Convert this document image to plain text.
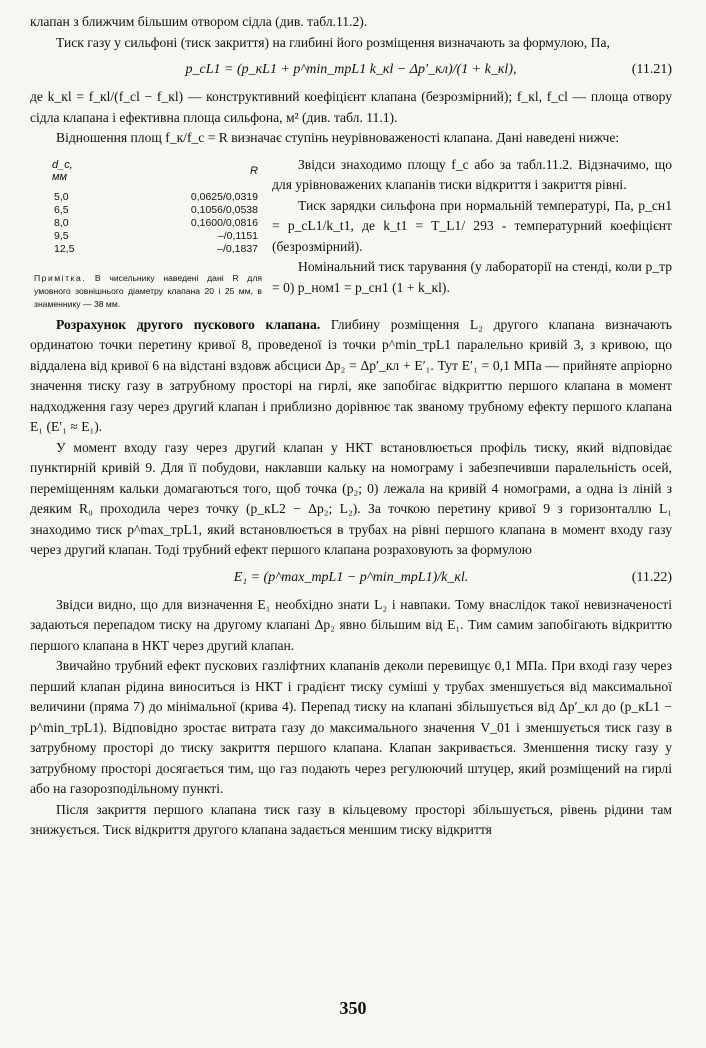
клапан з ближчим більшим отвором сідла (див. табл.11.2).

Тиск газу у сильфоні (тиск закриття) на глибині його розміщення визначають за формулою, Па,

p_cL1 = (p_кL1 + p^min_трL1 k_кl − Δp′_кл)/(1 + k_кl),	(11.21)

де k_кl = f_кl/(f_cl − f_кl) — конструктивний коефіцієнт клапана (безрозмірний); f_кl, f_cl — площа отвору сідла клапана і ефективна площа сильфона, м² (див. табл. 11.1).

Відношення площ f_к/f_c = R визначає ступінь неурівноваженості клапана. Дані наведені нижче:

d_c, мм	R
5,0	0,0625/0,0319
6,5	0,1056/0,0538
8,0	0,1600/0,0816
9,5	–/0,1151
12,5	–/0,1837
Примітка. В чисельнику наведені дані R для умовного зовнішнього діаметру клапана 20 і 25 мм, в знаменнику — 38 мм.

Звідси знаходимо площу f_c або за табл.11.2. Відзначимо, що для урівноважених клапанів тиски відкриття і закриття рівні.

Тиск зарядки сильфона при нормальній температурі, Па, p_сн1 = p_cL1/k_t1, де k_t1 = T_L1/ 293 - температурний коефіцієнт (безрозмірний).

Номінальний тиск тарування (у лабораторії на стенді, коли p_тр = 0) p_ном1 = p_сн1 (1 + k_кl).

Розрахунок другого пускового клапана. Глибину розміщення L₂ другого клапана визначають ординатою точки перетину кривої 8, проведеної із точки p^min_трL1 паралельно кривій 3, з кривою, що віддалена від кривої 6 на відстані вздовж абсциси Δp₂ = Δp′_кл + E′₁. Тут E′₁ = 0,1 МПа — прийняте апріорно значення тиску газу в затрубному просторі на гирлі, яке запобігає відкриттю першого клапана в момент надходження газу через другий клапан і приблизно дорівнює так званому трубному ефекту першого клапана E₁ (E′₁ ≈ E₁).

У момент входу газу через другий клапан у НКТ встановлюється профіль тиску, який відповідає пунктирній кривій 9. Для її побудови, наклавши кальку на номограму і забезпечивши паралельність осей, переміщенням кальки домагаються того, щоб точка (p₂; 0) лежала на кривій 4 номограми, а одна із ліній з деяким R₀ проходила через точку (p_кL2 − Δp₂; L₂). За точкою перетину кривої 9 з горизонталлю L₁ знаходимо тиск p^max_трL1, який встановлюється в трубах на рівні першого клапана в момент входу газу через другий клапан. Тоді трубний ефект першого клапана розраховують за формулою

E₁ = (p^max_трL1 − p^min_трL1)/k_кl.	(11.22)

Звідси видно, що для визначення E₁ необхідно знати L₂ і навпаки. Тому внаслідок такої невизначеності задаються перепадом тиску на другому клапані Δp₂ явно більшим від E₁. Тим самим запобігають відкриттю першого клапана в НКТ через другий клапан.

Звичайно трубний ефект пускових газліфтних клапанів деколи перевищує 0,1 МПа. При вході газу через перший клапан рідина виноситься із НКТ і градієнт тиску суміші у трубах зменшується від максимальної величини (пряма 7) до мінімальної (крива 4). Перепад тиску на клапані збільшується від Δp′_кл до (p_кL1 − p^min_трL1). Відповідно зростає витрата газу до максимального значення V_01 і зменшується тиск газу в затрубному просторі до тиску закриття першого клапана. Клапан закривається. Зменшення тиску газу у затрубному просторі досягається тим, що газ подають через регулюючий штуцер, який розміщений на гирлі або на газорозподільному пункті.

Після закриття першого клапана тиск газу в кільцевому просторі збільшується, рівень рідини там знижується. Тиск відкриття другого клапана задається меншим тиску відкриття

350
